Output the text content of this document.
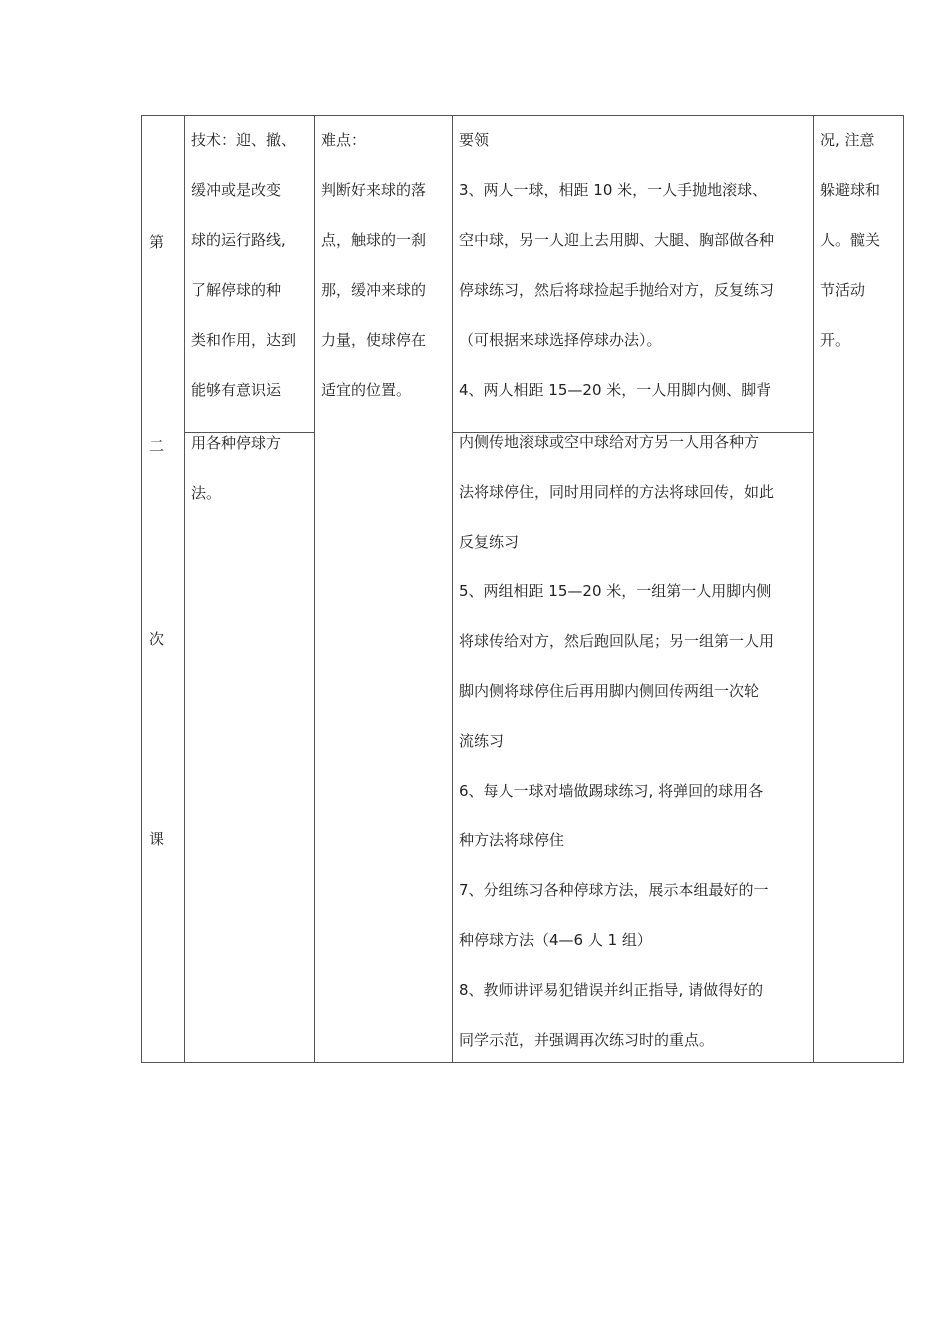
第
二
次
课
技术：迎、撤、
缓冲或是改变
球的运行路线,
了解停球的种
类和作用，达到
能够有意识运
用各种停球方
法。
难点：
判断好来球的落
点，触球的一刹
那，缓冲来球的
力量，使球停在
适宜的位置。
要领
3、两人一球，相距 10 米，一人手抛地滚球、
空中球，另一人迎上去用脚、大腿、胸部做各种
停球练习，然后将球捡起手抛给对方，反复练习
（可根据来球选择停球办法）。
4、两人相距 15—20 米，一人用脚内侧、脚背
内侧传地滚球或空中球给对方另一人用各种方
法将球停住，同时用同样的方法将球回传，如此
反复练习
5、两组相距 15—20 米，一组第一人用脚内侧
将球传给对方，然后跑回队尾；另一组第一人用
脚内侧将球停住后再用脚内侧回传两组一次轮
流练习
6、每人一球对墙做踢球练习, 将弹回的球用各
种方法将球停住
7、分组练习各种停球方法，展示本组最好的一
种停球方法（4—6 人 1 组）
8、教师讲评易犯错误并纠正指导, 请做得好的
同学示范，并强调再次练习时的重点。
况, 注意
躲避球和
人。髋关
节活动
开。
